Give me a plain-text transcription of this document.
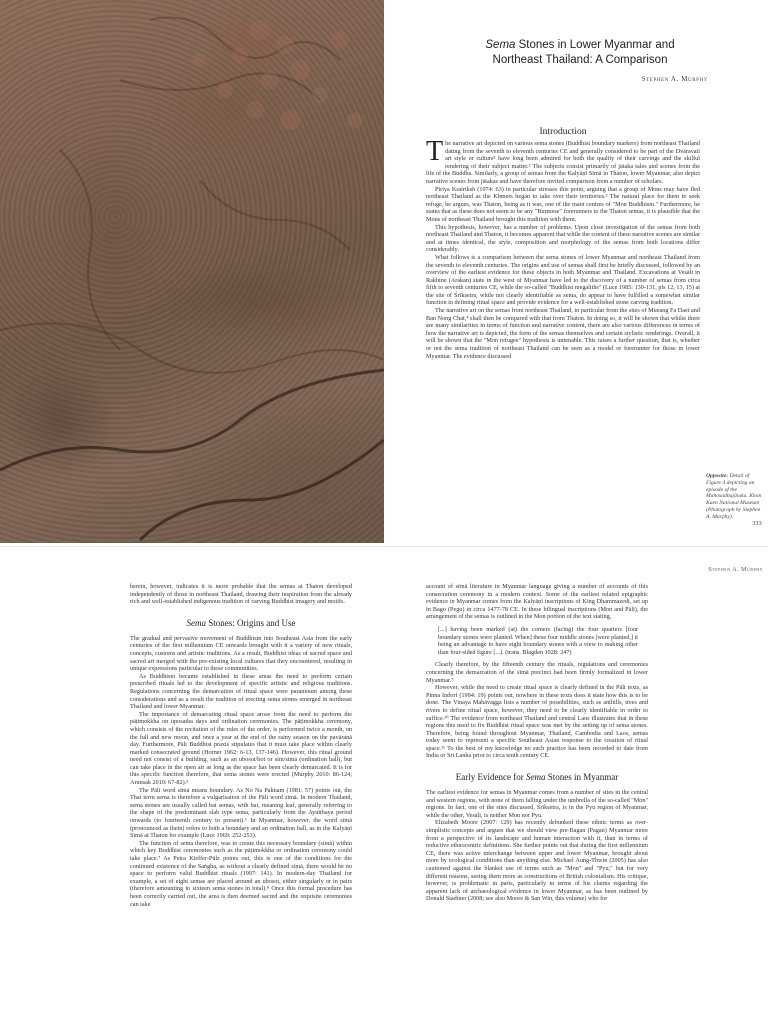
Sema Stones in Lower Myanmar and
Northeast Thailand: A Comparison
Stephen A. Murphy
Introduction

The narrative art depicted on various sema stones (Buddhist boundary markers) from northeast Thailand dating from the seventh to eleventh centuries CE and generally considered to be part of the Dvāravatī art style or culture¹ have long been admired for both the quality of their carvings and the skilful rendering of their subject matter.² The subjects consist primarily of jātaka tales and scenes from the life of the Buddha. Similarly, a group of semas from the Kalyāṇī Sīmā in Thaton, lower Myanmar, also depict narrative scenes from jātakas and have therefore invited comparison from a number of scholars.

Piriya Krairiksh (1974: 63) in particular stresses this point, arguing that a group of Mons may have fled northeast Thailand as the Khmers began to take over their territories.³ The natural place for them to seek refuge, he argues, was Thaton, being as it was, one of the main centres of "Mon Buddhism." Furthermore, he states that as these does not seem to be any "Burmese" forerunners to the Thaton semas, it is plausible that the Mons of northeast Thailand brought this tradition with them.

This hypothesis, however, has a number of problems. Upon close investigation of the semas from both northeast Thailand and Thaton, it becomes apparent that while the content of these narrative scenes are similar and at times identical, the style, composition and morphology of the semas from both locations differ considerably.

What follows is a comparison between the sema stones of lower Myanmar and northeast Thailand from the seventh to eleventh centuries. The origins and use of semas shall first be briefly discussed, followed by an overview of the earliest evidence for these objects in both Myanmar and Thailand. Excavations at Vesāli in Rakhine (Arakan) state in the west of Myanmar have led to the discovery of a number of semas from circa fifth to seventh centuries CE, while the so-called "Buddhist megaliths" (Luce 1985: 130-131, pls 12, 13, 15) at the site of Śrīkṣetra, while not clearly identifiable as sema, do appear to have fulfilled a somewhat similar function in defining ritual space and provide evidence for a well-established stone carving tradition.

The narrative art on the semas from northeast Thailand, in particular from the sites of Mueang Fa Daet and Ban Nong Chat,⁴ shall then be compared with that from Thaton. In doing so, it will be shown that whilst there are many similarities in terms of function and narrative content, there are also various differences in terms of how the narrative art is depicted, the form of the semas themselves and certain stylistic renderings. Overall, it will be shown that the "Mon refugee" hypothesis is untenable. This raises a further question, that is, whether or not the sema tradition of northeast Thailand can be seen as a model or forerunner for those in lower Myanmar. The evidence discussed

Opposite: Detail of Figure 4 depicting an episode of the Mahosadhajātaka. Khon Kaen National Museum (Photograph by Stephen A. Murphy).
333
Stephen A. Murphy

herein, however, indicates it is more probable that the semas at Thaton developed independently of those in northeast Thailand, drawing their inspiration from the already rich and well-established indigenous tradition of carving Buddhist imagery and motifs.

Sema Stones: Origins and Use

The gradual and pervasive movement of Buddhism into Southeast Asia from the early centuries of the first millennium CE onwards brought with it a variety of new rituals, concepts, customs and artistic traditions. As a result, Buddhist ideas of sacred space and sacred art merged with the pre-existing local cultures that they encountered, resulting in unique expressions particular to these communities.

As Buddhism became established in these areas the need to perform certain prescribed rituals led to the development of specific artistic and religious traditions. Regulations concerning the demarcation of ritual space were paramount among these considerations and as a result the tradition of erecting sema stones emerged in northeast Thailand and lower Myanmar.

The importance of demarcating ritual space arose from the need to perform the pāṭimokkha on uposatha days and ordination ceremonies. The pāṭimokkha ceremony, which consists of the recitation of the rules of the order, is performed twice a month, on the full and new moon, and once a year at the end of the rainy season on the pavāraṇā day. Furthermore, Pāli Buddhist praxis stipulates that it must take place within clearly marked consecrated ground (Horner 1962: 6-13, 137-146). However, this ritual ground need not consist of a building, such as an ubosot/bot or sim/sīmā (ordination hall), but can take place in the open air as long as the space has been clearly demarcated. It is for this specific function therefore, that sema stones were erected (Murphy 2010: 86-124; Arunsak 2010: 67-82).⁵

The Pāli word sīmā means boundary. As No Na Paknam (1981: 57) points out, the Thai term sema is therefore a vulgarisation of the Pāli word sīmā. In modern Thailand, sema stones are usually called bai semas, with bai, meaning leaf, generally referring to the shape of the predominant slab type sema, particularly from the Ayutthaya period onwards (to fourteenth century to present).⁶ In Myanmar, however, the word sīmā (pronounced as thein) refers to both a boundary and an ordination hall, as in the Kalyāṇī Sīmā at Thaton for example (Luce 1969: 252-253).

The function of sema therefore, was to create this necessary boundary (sīmā) within which key Buddhist ceremonies such as the pāṭimokkha or ordination ceremony could take place.⁷ As Petra Kieffer-Pülz points out, this is one of the conditions for the continued existence of the Saṅgha, as without a clearly defined sīmā, there would be no space to perform valid Buddhist rituals (1997: 141). In modern-day Thailand for example, a set of eight semas are placed around an ubosot, either singularly or in pairs (therefore amounting to sixteen sema stones in total).⁸ Once this formal procedure has been correctly carried out, the area is then deemed sacred and the requisite ceremonies can take

account of sīmā literature in Myanmar language giving a number of accounts of this consecration ceremony in a modern context. Some of the earliest related epigraphic evidence in Myanmar comes from the Kalyāṇī inscriptions of King Dhammazedi, set up in Bago (Pegu) in circa 1477-78 CE. In these bilingual inscriptions (Mon and Pāli), the arrangement of the semas is outlined in the Mon portion of the text stating,

[...] having been marked (at) the corners (facing) the four quarters [four boundary stones were planted. When] these four middle stones [were planted,] it being an advantage to have eight boundary stones with a view to making other than four-sided figure [...]. (trans. Blagden 1928: 247)

Clearly therefore, by the fifteenth century the rituals, regulations and ceremonies concerning the demarcation of the sīmā precinct had been firmly formalized in lower Myanmar.⁹

However, while the need to create ritual space is clearly defined in the Pāli texts, as Pinna Indorf (1994: 19) points out, nowhere in these texts does it state how this is to be done. The Vinaya Mahāvagga lists a number of possibilities, such as anthills, trees and rivers to define ritual space, however, they need to be clearly identifiable in order to suffice.¹⁰ The evidence from northeast Thailand and central Laos illustrates that in these regions this need to fix Buddhist ritual space was met by the setting up of sema stones. Therefore, being found throughout Myanmar, Thailand, Cambodia and Laos, semas today seem to represent a specific Southeast Asian response to the creation of ritual space.¹¹ To the best of my knowledge no such practice has been recorded to date from India or Sri Lanka prior to circa tenth century CE.

Early Evidence for Sema Stones in Myanmar

The earliest evidence for semas in Myanmar comes from a number of sites in the central and western regions, with none of them falling under the umbrella of the so-called "Mon" regions. In fact, one of the sites discussed, Śrīkṣetra, is in the Pyu region of Myanmar, while the other, Vesāli, is neither Mon nor Pyu.

Elizabeth Moore (2007: 129) has recently debunked these ethnic terms as over-simplistic concepts and argues that we should view pre-Bagan (Pagan) Myanmar more from a perspective of its landscape and human interaction with it, than in terms of reductive ethnocentric definitions. She further points out that during the first millennium CE, there was active interchange between upper and lower Myanmar, brought about more by ecological conditions than anything else. Michael Aung-Thwin (2005) has also cautioned against the blanket use of terms such as "Mon" and "Pyu," but for very different reasons, seeing them more as constructions of British colonialism. His critique, however, is problematic in parts, particularly in terms of his claims regarding the apparent lack of archaeological evidence in lower Myanmar, as has been outlined by Donald Stadtner (2008; see also Moore & San Win, this volume) who for
